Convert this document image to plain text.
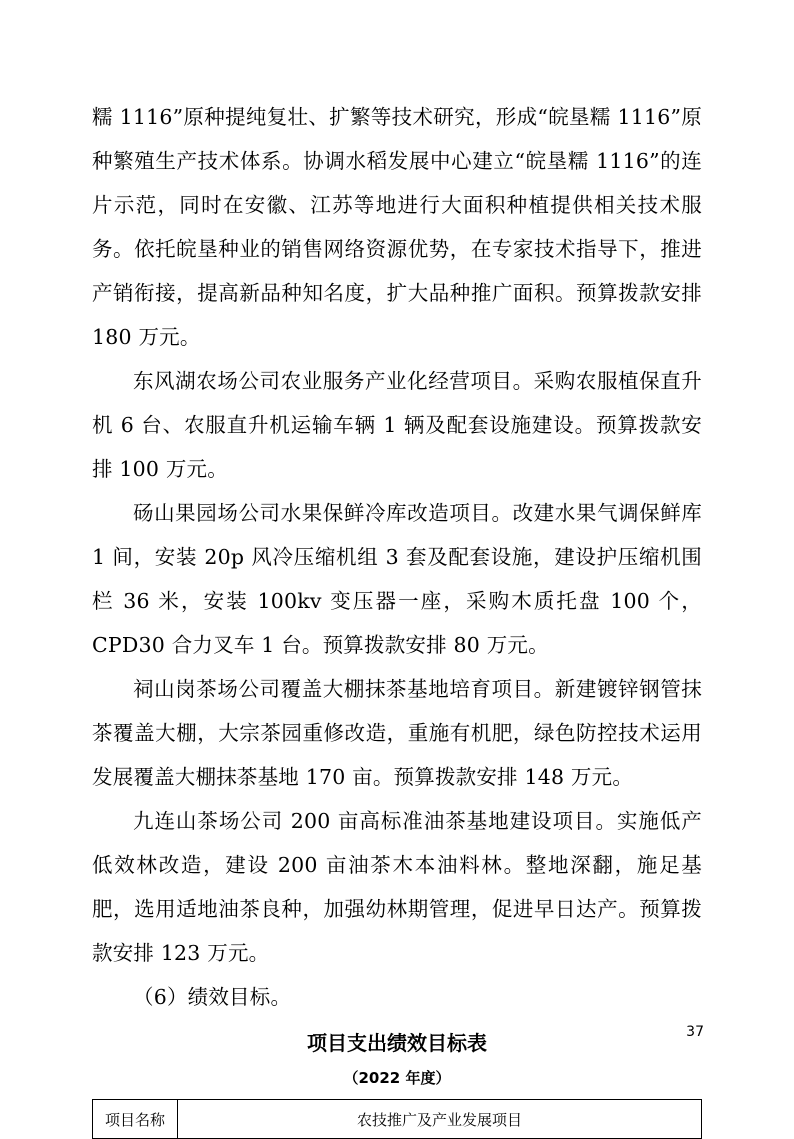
糯 1116”原种提纯复壮、扩繁等技术研究，形成“皖垦糯 1116”原种繁殖生产技术体系。协调水稻发展中心建立“皖垦糯 1116”的连片示范，同时在安徽、江苏等地进行大面积种植提供相关技术服务。依托皖垦种业的销售网络资源优势，在专家技术指导下，推进产销衔接，提高新品种知名度，扩大品种推广面积。预算拨款安排 180 万元。

东风湖农场公司农业服务产业化经营项目。采购农服植保直升机 6 台、农服直升机运输车辆 1 辆及配套设施建设。预算拨款安排 100 万元。

砀山果园场公司水果保鲜冷库改造项目。改建水果气调保鲜库 1 间，安装 20p 风冷压缩机组 3 套及配套设施，建设护压缩机围栏 36 米，安装 100kv 变压器一座，采购木质托盘 100 个，CPD30 合力叉车 1 台。预算拨款安排 80 万元。

祠山岗茶场公司覆盖大棚抹茶基地培育项目。新建镀锌钢管抹茶覆盖大棚，大宗茶园重修改造，重施有机肥，绿色防控技术运用发展覆盖大棚抹茶基地 170 亩。预算拨款安排 148 万元。

九连山茶场公司 200 亩高标准油茶基地建设项目。实施低产低效林改造，建设 200 亩油茶木本油料林。整地深翻，施足基肥，选用适地油茶良种，加强幼林期管理，促进早日达产。预算拨款安排 123 万元。

（6）绩效目标。

项目支出绩效目标表
（2022 年度）
项目名称	农技推广及产业发展项目
37
